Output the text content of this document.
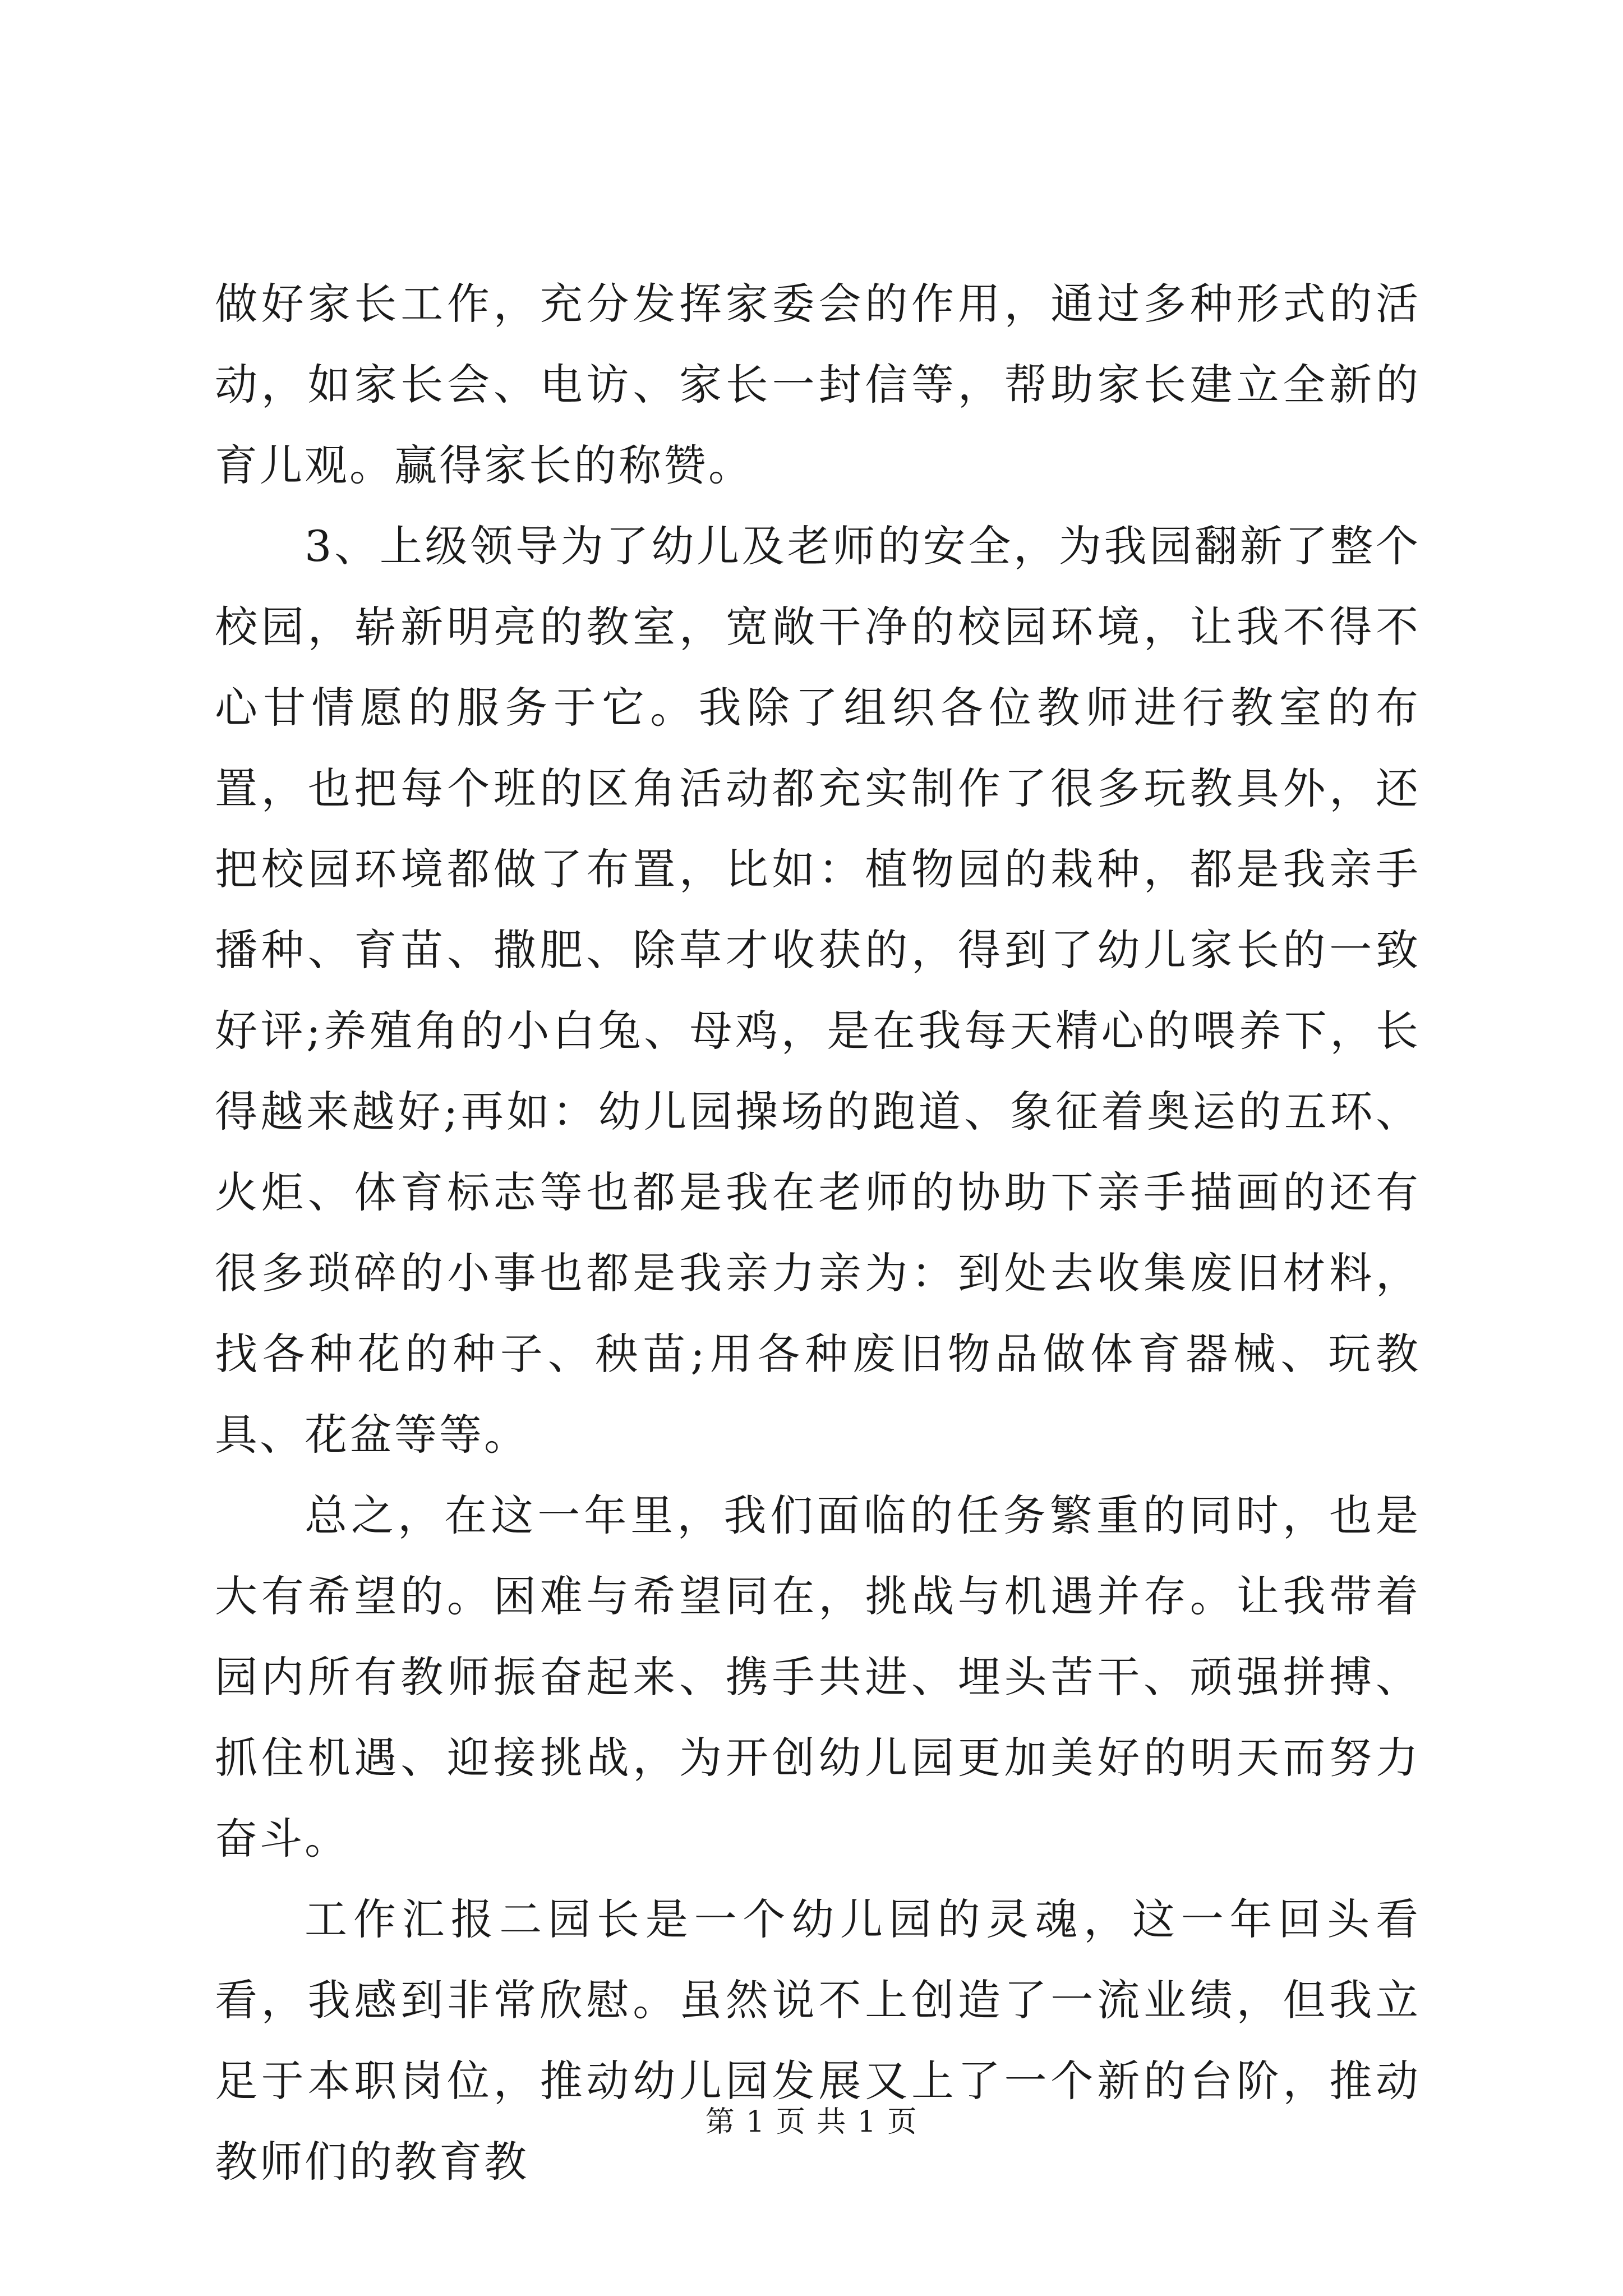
做好家长工作，充分发挥家委会的作用，通过多种形式的活动，如家长会、电访、家长一封信等，帮助家长建立全新的育儿观。赢得家长的称赞。

3、上级领导为了幼儿及老师的安全，为我园翻新了整个校园，崭新明亮的教室，宽敞干净的校园环境，让我不得不心甘情愿的服务于它。我除了组织各位教师进行教室的布置，也把每个班的区角活动都充实制作了很多玩教具外，还把校园环境都做了布置，比如：植物园的栽种，都是我亲手播种、育苗、撒肥、除草才收获的，得到了幼儿家长的一致好评;养殖角的小白兔、母鸡，是在我每天精心的喂养下，长得越来越好;再如：幼儿园操场的跑道、象征着奥运的五环、火炬、体育标志等也都是我在老师的协助下亲手描画的还有很多琐碎的小事也都是我亲力亲为：到处去收集废旧材料，找各种花的种子、秧苗;用各种废旧物品做体育器械、玩教具、花盆等等。

总之，在这一年里，我们面临的任务繁重的同时，也是大有希望的。困难与希望同在，挑战与机遇并存。让我带着园内所有教师振奋起来、携手共进、埋头苦干、顽强拼搏、抓住机遇、迎接挑战，为开创幼儿园更加美好的明天而努力奋斗。

工作汇报二园长是一个幼儿园的灵魂，这一年回头看看，我感到非常欣慰。虽然说不上创造了一流业绩，但我立足于本职岗位，推动幼儿园发展又上了一个新的台阶，推动教师们的教育教

第 1 页 共 1 页
